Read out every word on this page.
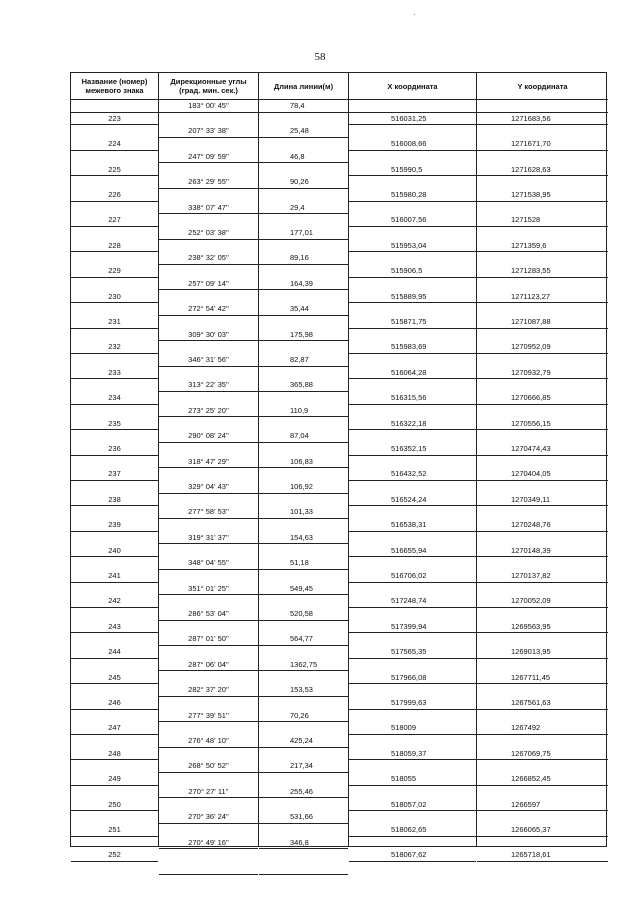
58
Название (номер) межевого знака
223
224
225
226
227
228
229
230
231
232
233
234
235
236
237
238
239
240
241
242
243
244
245
246
247
248
249
250
251
252
Дирекционные углы (град. мин. сек.)
183° 00' 45''
207° 33' 38''
247° 09' 59''
263° 29' 55''
338° 07' 47''
252° 03' 38''
238° 32' 05''
257° 09' 14''
272° 54' 42''
309° 30' 03''
346° 31' 56''
313° 22' 35''
273° 25' 20''
290° 08' 24''
318° 47' 29''
329° 04' 43''
277° 58' 53''
319° 31' 37''
348° 04' 55''
351° 01' 25''
286° 53' 04''
287° 01' 50''
287° 06' 04''
282° 37' 20''
277° 39' 51''
276° 48' 10''
268° 50' 52''
270° 27' 11''
270° 36' 24''
270° 49' 16''
Длина линии(м)
78,4
25,48
46,8
90,26
29,4
177,01
89,16
164,39
35,44
175,98
82,87
365,88
110,9
87,04
106,83
106,92
101,33
154,63
51,18
549,45
520,58
564,77
1362,75
153,53
70,26
425,24
217,34
255,46
531,66
346,8
X координата
516031,25
516008,66
515990,5
515980,28
516007,56
515953,04
515906,5
515889,95
515871,75
515983,69
516064,28
516315,56
516322,18
516352,15
516432,52
516524,24
516538,31
516655,94
516706,02
517248,74
517399,94
517565,35
517966,08
517999,63
518009
518059,37
518055
518057,02
518062,65
518067,62
Y координата
1271683,56
1271671,70
1271628,63
1271538,95
1271528
1271359,6
1271283,55
1271123,27
1271087,88
1270952,09
1270932,79
1270666,85
1270556,15
1270474,43
1270404,05
1270349,11
1270248,76
1270148,39
1270137,82
1270052,09
1269563,95
1269013,95
1267711,45
1267561,63
1267492
1267069,75
1266852,45
1266597
1266065,37
1265718,61
